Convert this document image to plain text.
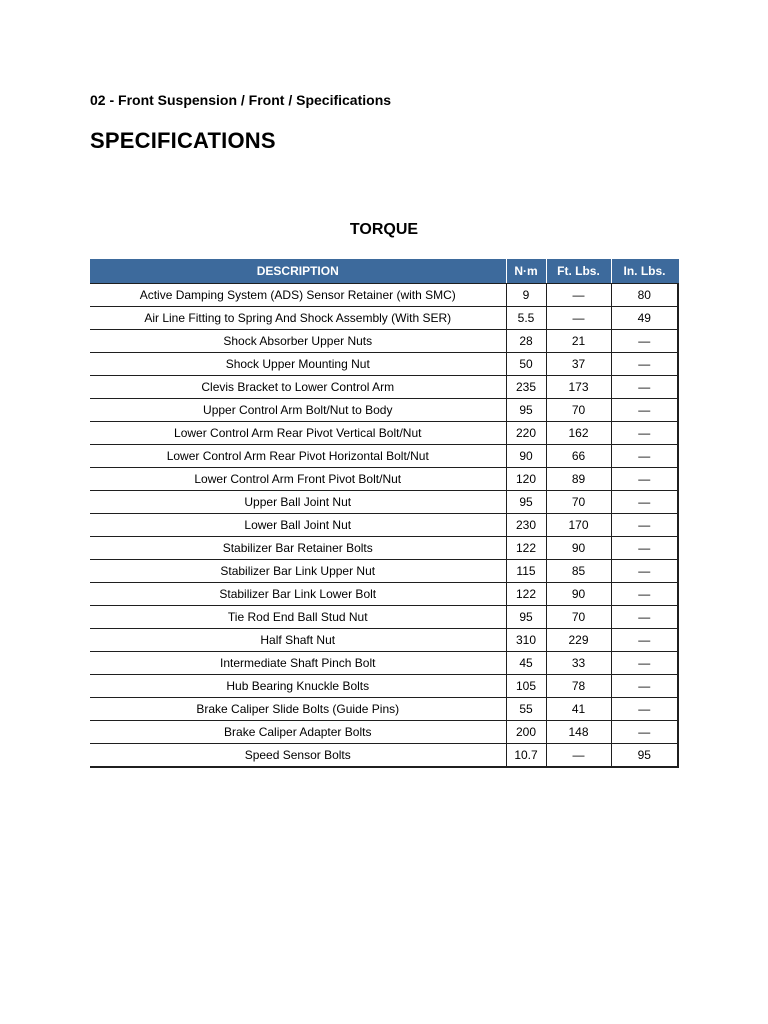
02 - Front Suspension / Front / Specifications
SPECIFICATIONS
TORQUE
DESCRIPTION	N·m	Ft. Lbs.	In. Lbs.
Active Damping System (ADS) Sensor Retainer (with SMC)	9	—	80
Air Line Fitting to Spring And Shock Assembly (With SER)	5.5	—	49
Shock Absorber Upper Nuts	28	21	—
Shock Upper Mounting Nut	50	37	—
Clevis Bracket to Lower Control Arm	235	173	—
Upper Control Arm Bolt/Nut to Body	95	70	—
Lower Control Arm Rear Pivot Vertical Bolt/Nut	220	162	—
Lower Control Arm Rear Pivot Horizontal Bolt/Nut	90	66	—
Lower Control Arm Front Pivot Bolt/Nut	120	89	—
Upper Ball Joint Nut	95	70	—
Lower Ball Joint Nut	230	170	—
Stabilizer Bar Retainer Bolts	122	90	—
Stabilizer Bar Link Upper Nut	115	85	—
Stabilizer Bar Link Lower Bolt	122	90	—
Tie Rod End Ball Stud Nut	95	70	—
Half Shaft Nut	310	229	—
Intermediate Shaft Pinch Bolt	45	33	—
Hub Bearing Knuckle Bolts	105	78	—
Brake Caliper Slide Bolts (Guide Pins)	55	41	—
Brake Caliper Adapter Bolts	200	148	—
Speed Sensor Bolts	10.7	—	95
